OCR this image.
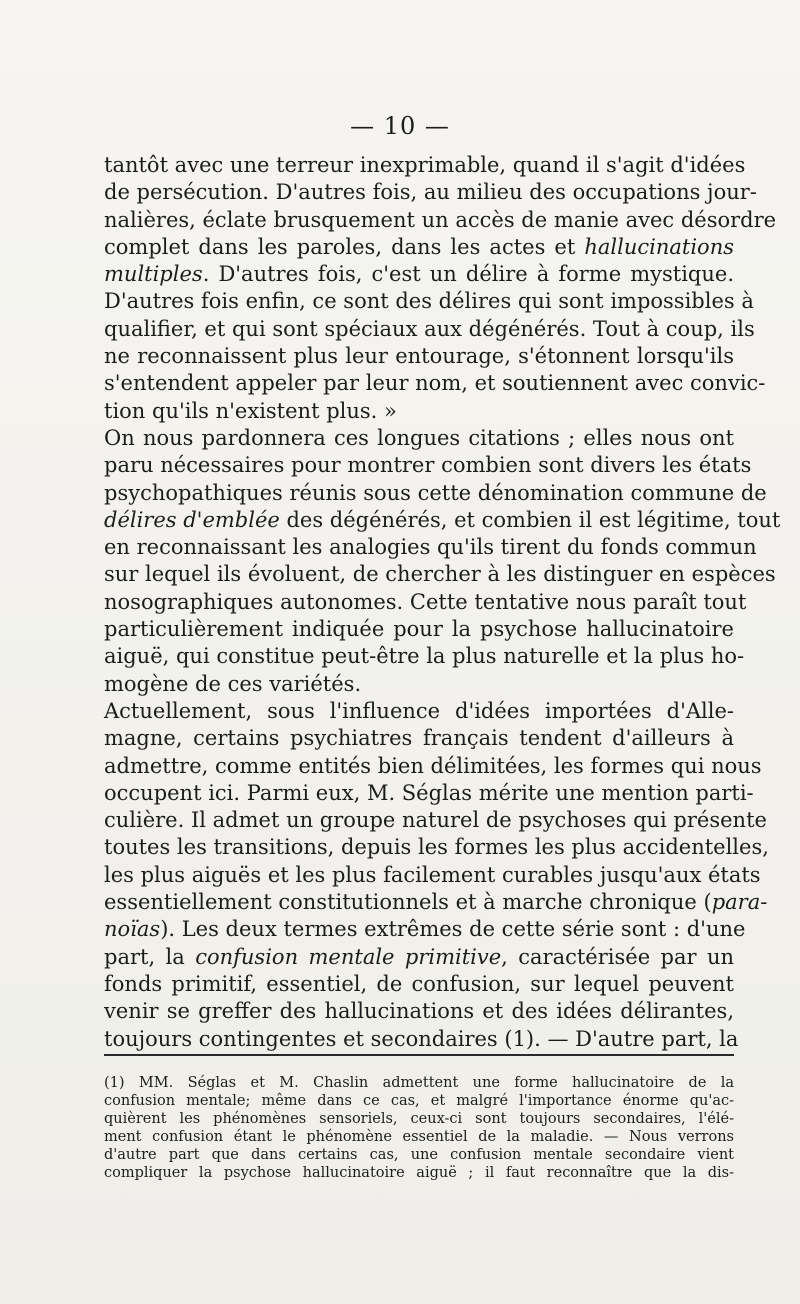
— 10 —
tantôt avec une terreur inexprimable, quand il s'agit d'idées
de persécution. D'autres fois, au milieu des occupations jour-
nalières, éclate brusquement un accès de manie avec désordre
complet dans les paroles, dans les actes et hallucinations
multiples. D'autres fois, c'est un délire à forme mystique.
D'autres fois enfin, ce sont des délires qui sont impossibles à
qualifier, et qui sont spéciaux aux dégénérés. Tout à coup, ils
ne reconnaissent plus leur entourage, s'étonnent lorsqu'ils
s'entendent appeler par leur nom, et soutiennent avec convic-
tion qu'ils n'existent plus. »
On nous pardonnera ces longues citations ; elles nous ont
paru nécessaires pour montrer combien sont divers les états
psychopathiques réunis sous cette dénomination commune de
délires d'emblée des dégénérés, et combien il est légitime, tout
en reconnaissant les analogies qu'ils tirent du fonds commun
sur lequel ils évoluent, de chercher à les distinguer en espèces
nosographiques autonomes. Cette tentative nous paraît tout
particulièrement indiquée pour la psychose hallucinatoire
aiguë, qui constitue peut-être la plus naturelle et la plus ho-
mogène de ces variétés.
Actuellement, sous l'influence d'idées importées d'Alle-
magne, certains psychiatres français tendent d'ailleurs à
admettre, comme entités bien délimitées, les formes qui nous
occupent ici. Parmi eux, M. Séglas mérite une mention parti-
culière. Il admet un groupe naturel de psychoses qui présente
toutes les transitions, depuis les formes les plus accidentelles,
les plus aiguës et les plus facilement curables jusqu'aux états
essentiellement constitutionnels et à marche chronique (para-
noïas). Les deux termes extrêmes de cette série sont : d'une
part, la confusion mentale primitive, caractérisée par un
fonds primitif, essentiel, de confusion, sur lequel peuvent
venir se greffer des hallucinations et des idées délirantes,
toujours contingentes et secondaires (1). — D'autre part, la
(1) MM. Séglas et M. Chaslin admettent une forme hallucinatoire de la
confusion mentale; même dans ce cas, et malgré l'importance énorme qu'ac-
quièrent les phénomènes sensoriels, ceux-ci sont toujours secondaires, l'élé-
ment confusion étant le phénomène essentiel de la maladie. — Nous verrons
d'autre part que dans certains cas, une confusion mentale secondaire vient
compliquer la psychose hallucinatoire aiguë ; il faut reconnaître que la dis-
